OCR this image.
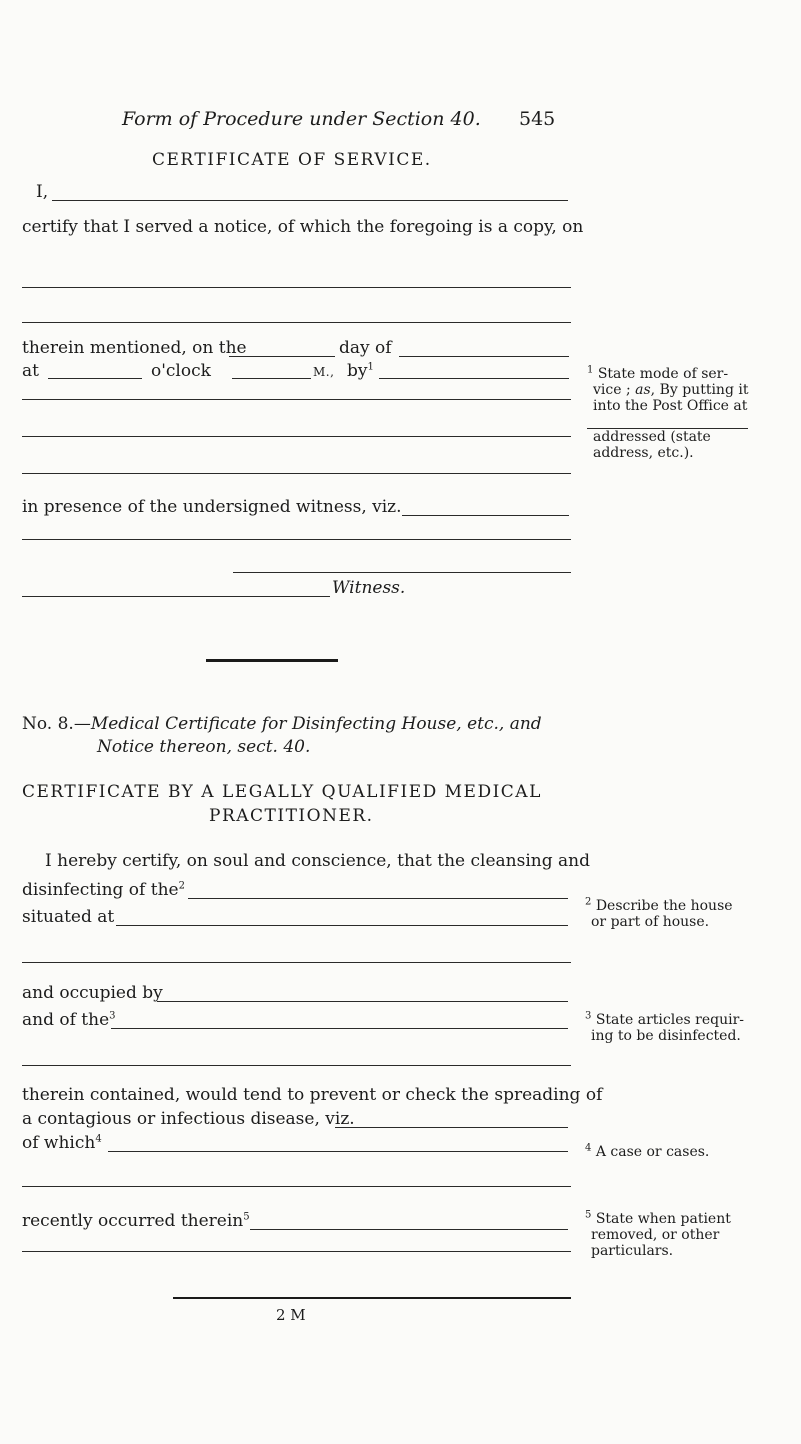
Form of Procedure under Section 40. 545
CERTIFICATE OF SERVICE.
I,
certify that I served a notice, of which the foregoing is a copy, on
therein mentioned, on the	day of
at	o'clock	M., $by^1$
in presence of the undersigned witness, viz.
Witness.
$^1$ State mode of ser-
vice ; as, By putting it
into the Post Office at
addressed (state
address, etc.).
No. 8.—Medical Certificate for Disinfecting House, etc., and
Notice thereon, sect. 40.
CERTIFICATE BY A LEGALLY QUALIFIED MEDICAL
PRACTITIONER.
I hereby certify, on soul and conscience, that the cleansing and
disinfecting of the$^2$
situated at
and occupied by
and of the$^3$
therein contained, would tend to prevent or check the spreading of
a contagious or infectious disease, viz.
of which$^4$
recently occurred therein$^5$
$^2$ Describe the house
or part of house.
$^3$ State articles requir-
ing to be disinfected.
$^4$ A case or cases.
$^5$ State when patient
removed, or other
particulars.
2 M
